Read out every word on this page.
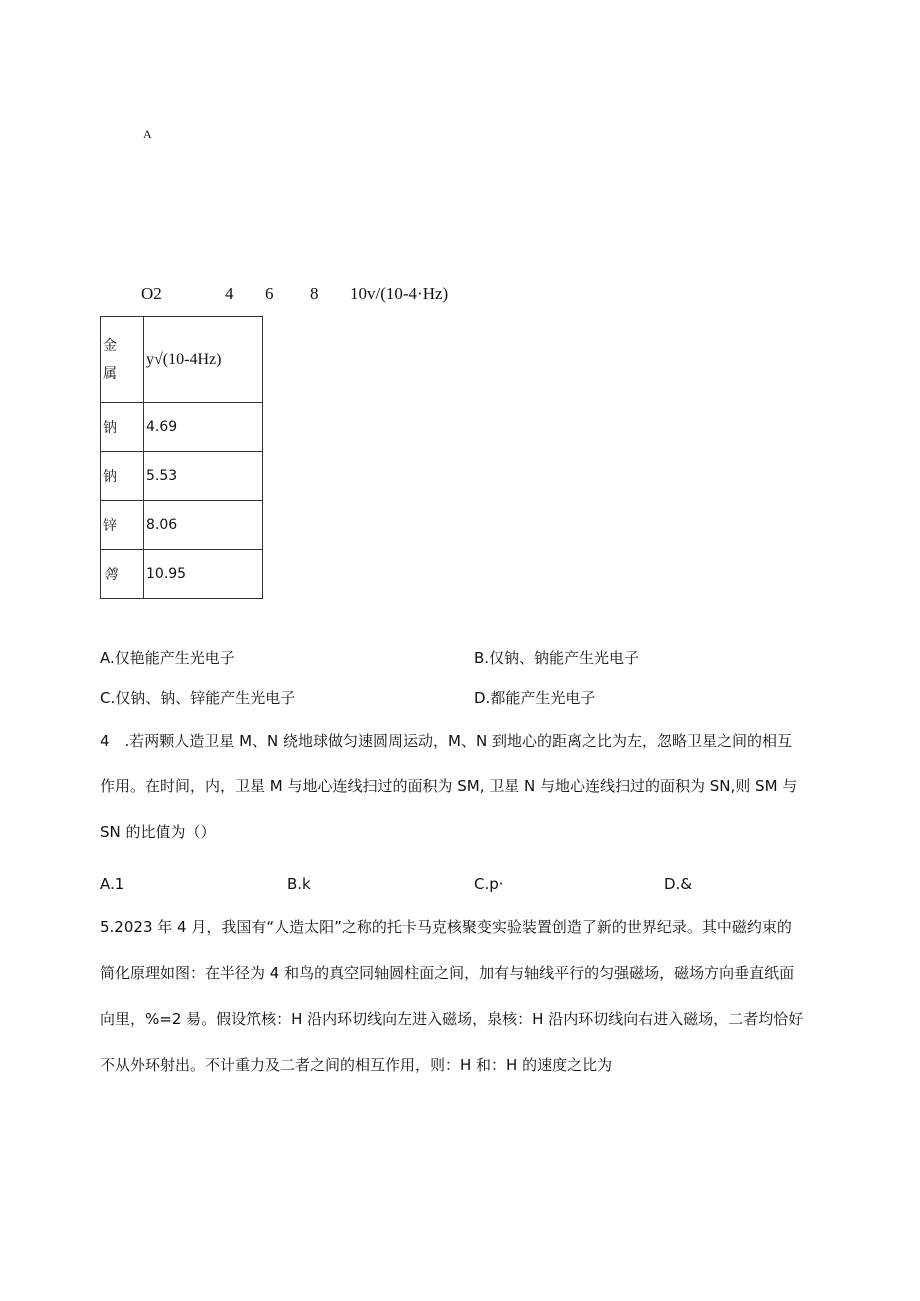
A
O2	4 6 8 10v/(10-4·Hz)
金属	y√(10-4Hz)
钠	4.69
钠	5.53
锌	8.06
鸰	10.95
A.仅艳能产生光电子	B.仅钠、钠能产生光电子
C.仅钠、钠、锌能产生光电子	D.都能产生光电子
4　.若两颗人造卫星 M、N 绕地球做匀速圆周运动，M、N 到地心的距离之比为左，忽略卫星之间的相互
作用。在时间，内，卫星 M 与地心连线扫过的面积为 SM, 卫星 N 与地心连线扫过的面积为 SN,则 SM 与
SN 的比值为（）
A.1	B.k	C.p·	D.&
5.2023 年 4 月，我国有“人造太阳”之称的托卡马克核聚变实验装置创造了新的世界纪录。其中磁约束的
简化原理如图：在半径为 4 和鸟的真空同轴圆柱面之间，加有与轴线平行的匀强磁场，磁场方向垂直纸面
向里，%=2 昜。假设笊核：H 沿内环切线向左进入磁场，泉核：H 沿内环切线向右进入磁场，二者均恰好
不从外环射出。不计重力及二者之间的相互作用，则：H 和：H 的速度之比为
